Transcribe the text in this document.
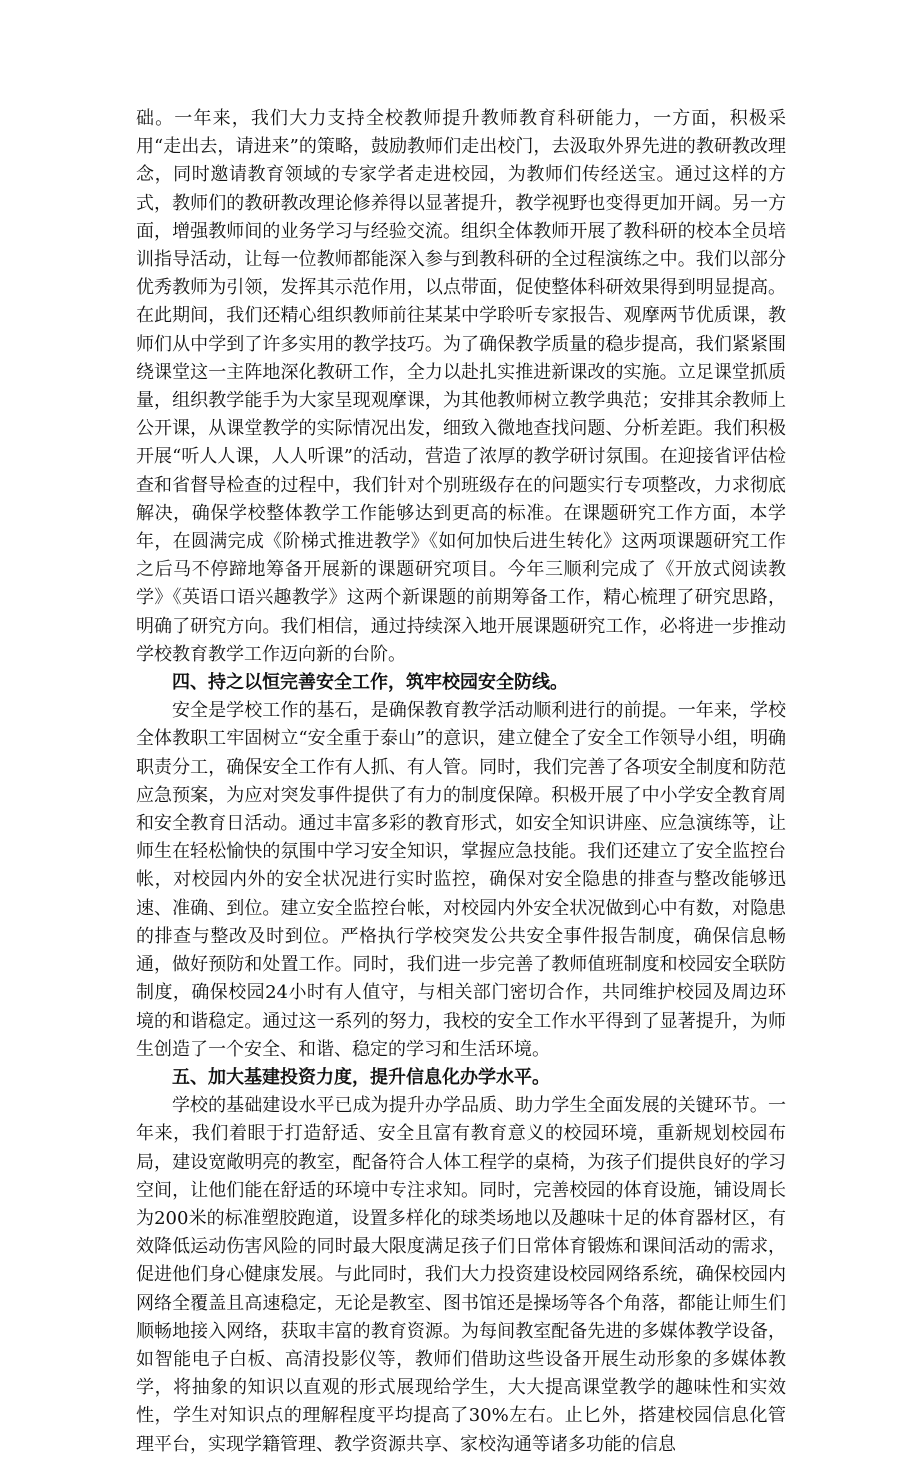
础。一年来，我们大力支持全校教师提升教师教育科研能力，一方面，积极采用“走出去，请进来”的策略，鼓励教师们走出校门，去汲取外界先进的教研教改理念，同时邀请教育领域的专家学者走进校园，为教师们传经送宝。通过这样的方式，教师们的教研教改理论修养得以显著提升，教学视野也变得更加开阔。另一方面，增强教师间的业务学习与经验交流。组织全体教师开展了教科研的校本全员培训指导活动，让每一位教师都能深入参与到教科研的全过程演练之中。我们以部分优秀教师为引领，发挥其示范作用，以点带面，促使整体科研效果得到明显提高。在此期间，我们还精心组织教师前往某某中学聆听专家报告、观摩两节优质课，教师们从中学到了许多实用的教学技巧。为了确保教学质量的稳步提高，我们紧紧围绕课堂这一主阵地深化教研工作，全力以赴扎实推进新课改的实施。立足课堂抓质量，组织教学能手为大家呈现观摩课，为其他教师树立教学典范；安排其余教师上公开课，从课堂教学的实际情况出发，细致入微地查找问题、分析差距。我们积极开展“听人人课，人人听课”的活动，营造了浓厚的教学研讨氛围。在迎接省评估检查和省督导检查的过程中，我们针对个别班级存在的问题实行专项整改，力求彻底解决，确保学校整体教学工作能够达到更高的标准。在课题研究工作方面，本学年，在圆满完成《阶梯式推进教学》《如何加快后进生转化》这两项课题研究工作之后马不停蹄地筹备开展新的课题研究项目。今年三顺利完成了《开放式阅读教学》《英语口语兴趣教学》这两个新课题的前期筹备工作，精心梳理了研究思路，明确了研究方向。我们相信，通过持续深入地开展课题研究工作，必将进一步推动学校教育教学工作迈向新的台阶。

四、持之以恒完善安全工作，筑牢校园安全防线。

安全是学校工作的基石，是确保教育教学活动顺利进行的前提。一年来，学校全体教职工牢固树立“安全重于泰山”的意识，建立健全了安全工作领导小组，明确职责分工，确保安全工作有人抓、有人管。同时，我们完善了各项安全制度和防范应急预案，为应对突发事件提供了有力的制度保障。积极开展了中小学安全教育周和安全教育日活动。通过丰富多彩的教育形式，如安全知识讲座、应急演练等，让师生在轻松愉快的氛围中学习安全知识，掌握应急技能。我们还建立了安全监控台帐，对校园内外的安全状况进行实时监控，确保对安全隐患的排查与整改能够迅速、准确、到位。建立安全监控台帐，对校园内外安全状况做到心中有数，对隐患的排查与整改及时到位。严格执行学校突发公共安全事件报告制度，确保信息畅通，做好预防和处置工作。同时，我们进一步完善了教师值班制度和校园安全联防制度，确保校园24小时有人值守，与相关部门密切合作，共同维护校园及周边环境的和谐稳定。通过这一系列的努力，我校的安全工作水平得到了显著提升，为师生创造了一个安全、和谐、稳定的学习和生活环境。

五、加大基建投资力度，提升信息化办学水平。

学校的基础建设水平已成为提升办学品质、助力学生全面发展的关键环节。一年来，我们着眼于打造舒适、安全且富有教育意义的校园环境，重新规划校园布局，建设宽敞明亮的教室，配备符合人体工程学的桌椅，为孩子们提供良好的学习空间，让他们能在舒适的环境中专注求知。同时，完善校园的体育设施，铺设周长为200米的标准塑胶跑道，设置多样化的球类场地以及趣味十足的体育器材区，有效降低运动伤害风险的同时最大限度满足孩子们日常体育锻炼和课间活动的需求，促进他们身心健康发展。与此同时，我们大力投资建设校园网络系统，确保校园内网络全覆盖且高速稳定，无论是教室、图书馆还是操场等各个角落，都能让师生们顺畅地接入网络，获取丰富的教育资源。为每间教室配备先进的多媒体教学设备，如智能电子白板、高清投影仪等，教师们借助这些设备开展生动形象的多媒体教学，将抽象的知识以直观的形式展现给学生，大大提高课堂教学的趣味性和实效性，学生对知识点的理解程度平均提高了30%左右。止匕外，搭建校园信息化管理平台，实现学籍管理、教学资源共享、家校沟通等诸多功能的信息
